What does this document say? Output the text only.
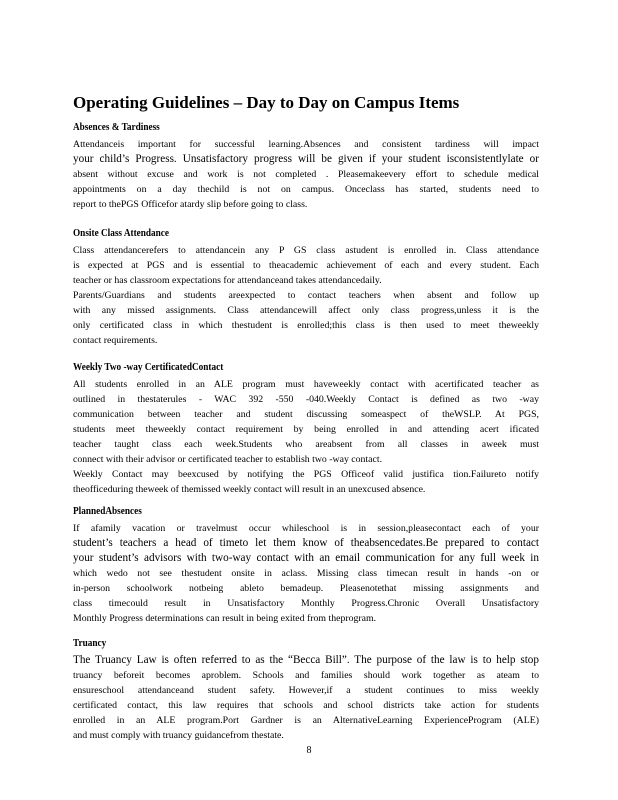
Operating Guidelines – Day to Day on Campus Items
Absences & Tardiness
Attendanceis important for successful learning.Absences and consistent tardiness will impact
your child’s Progress. Unsatisfactory progress will be given if your student isconsistentlylate or
absent without excuse and work is not completed . Pleasemakeevery effort to schedule medical
appointments on a day thechild is not on campus. Onceclass has started, students need to
report to thePGS Officefor atardy slip before going to class.
Onsite Class Attendance
Class attendancerefers to attendancein any P GS class astudent is enrolled in. Class attendance
is expected at PGS and is essential to theacademic achievement of each and every student. Each
teacher or has classroom expectations for attendanceand takes attendancedaily.
Parents/Guardians and students areexpected to contact teachers when absent and follow up
with any missed assignments. Class attendancewill affect only class progress,unless it is the
only certificated class in which thestudent is enrolled;this class is then used to meet theweekly
contact requirements.
Weekly Two -way CertificatedContact
All students enrolled in an ALE program must haveweekly contact with acertificated teacher as
outlined in thestaterules - WAC 392 -550 -040.Weekly Contact is defined as two -way
communication between teacher and student discussing someaspect of theWSLP. At PGS,
students meet theweekly contact requirement by being enrolled in and attending acert ificated
teacher taught class each week.Students who areabsent from all classes in aweek must
connect with their advisor or certificated teacher to establish two -way contact.
Weekly Contact may beexcused by notifying the PGS Officeof valid justifica tion.Failureto notify
theofficeduring theweek of themissed weekly contact will result in an unexcused absence.
PlannedAbsences
If afamily vacation or travelmust occur whileschool is in session,pleasecontact each of your
student’s teachers a head of timeto let them know of theabsencedates.Be prepared to contact
your student’s advisors with two-way contact with an email communication for any full week in
which wedo not see thestudent onsite in aclass. Missing class timecan result in hands -on or
in-person schoolwork notbeing ableto bemadeup. Pleasenotethat missing assignments and
class timecould result in Unsatisfactory Monthly Progress.Chronic Overall Unsatisfactory
Monthly Progress determinations can result in being exited from theprogram.
Truancy
The Truancy Law is often referred to as the “Becca Bill”. The purpose of the law is to help stop
truancy beforeit becomes aproblem. Schools and families should work together as ateam to
ensureschool attendanceand student safety. However,if a student continues to miss weekly
certificated contact, this law requires that schools and school districts take action for students
enrolled in an ALE program.Port Gardner is an AlternativeLearning ExperienceProgram (ALE)
and must comply with truancy guidancefrom thestate.
8
